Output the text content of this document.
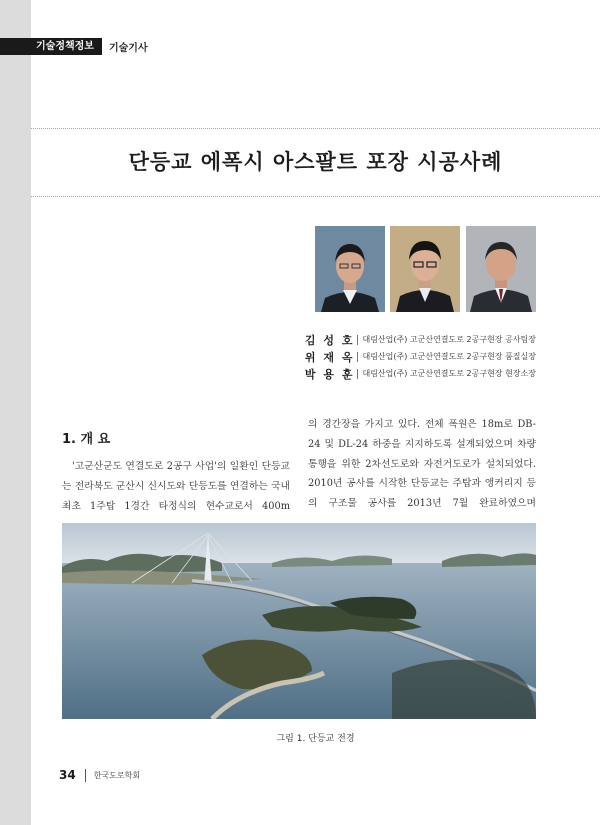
기술정책정보	기술기사
단등교 에폭시 아스팔트 포장 시공사례
김 성 호 대림산업(주) 고군산연결도로 2공구현장 공사팀장
위 재 옥 대림산업(주) 고군산연결도로 2공구현장 품질실장
박 용 훈 대림산업(주) 고군산연결도로 2공구현장 현장소장
1. 개 요

'고군산군도 연결도로 2공구 사업'의 일환인 단등교는 전라북도 군산시 신시도와 단등도를 연결하는 국내 최초 1주탑 1경간 타정식의 현수교로서 400m

의 경간장을 가지고 있다. 전체 폭원은 18m로 DB-24 및 DL-24 하중을 지지하도록 설계되었으며 차량통행을 위한 2차선도로와 자전거도로가 설치되었다. 2010년 공사를 시작한 단등교는 주탑과 앵커리지 등의 구조물 공사를 2013년 7월 완료하였으며

그림 1. 단등교 전경
34 한국도로학회
